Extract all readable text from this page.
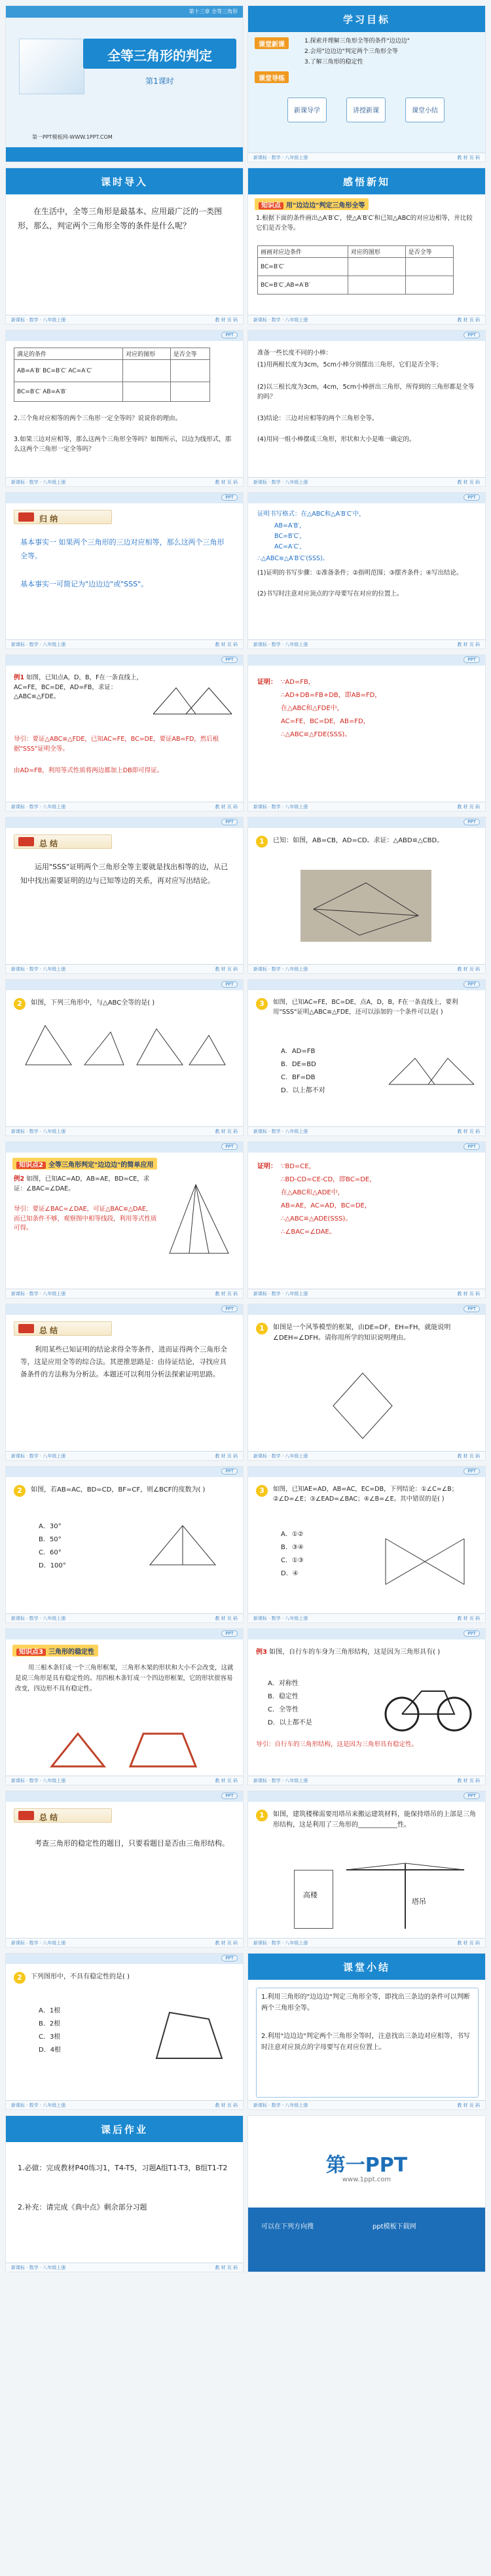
第十三章 全等三角形
全等三角形的判定
第1课时
第一PPT模板网-WWW.1PPT.COM
学习目标
课堂新课	1.探索并理解三角形全等的条件"边边边"
2.会用"边边边"判定两个三角形全等
3.了解三角形的稳定性
课堂导练
新课导学	讲授新课	课堂小结
新课标 · 数学 · 八年级上册	教 材 页 码
课时导入
在生活中，全等三角形是最基本、应用最广泛的一类图形，那么，判定两个三角形全等的条件是什么呢？
新课标 · 数学 · 八年级上册	教 材 页 码
感悟新知
知识点 用"边边边"判定三角形全等
1.根据下面的条件画出△A′B′C′，使△A′B′C′和已知△ABC的对应边相等，并比较它们是否全等。
画画对应边条件	对应的图形	是否全等
BC=B′C′		
BC=B′C′,AB=A′B′		
新课标 · 数学 · 八年级上册	教 材 页 码
PPT
满足的条件	对应的图形	是否全等
AB=A′B′ BC=B′C′ AC=A′C′		
BC=B′C′ AB=A′B′		
2.三个角对应相等的两个三角形一定全等吗？说说你的理由。
3.如果三边对应相等，那么这两个三角形全等吗？如图所示，以边为线形式，那么这两个三角形一定全等吗？
新课标 · 数学 · 八年级上册	教 材 页 码
PPT
准备一些长度不同的小棒：
(1)用两根长度为3cm，5cm小棒分别摆出三角形，它们是否全等；
(2)以三根长度为3cm，4cm，5cm小棒拼出三角形，所得到的三角形都是全等的吗？
(3)结论：三边对应相等的两个三角形全等。
(4)用同一组小棒摆成三角形，形状和大小是唯一确定的。
新课标 · 数学 · 八年级上册	教 材 页 码
PPT
归 纳
基本事实一 如果两个三角形的三边对应相等，那么这两个三角形全等。
基本事实一可简记为"边边边"或"SSS"。
新课标 · 数学 · 八年级上册	教 材 页 码
PPT
证明书写格式：在△ABC和△A′B′C′中，
AB=A′B′，
BC=B′C′，
AC=A′C′，
∴△ABC≌△A′B′C′(SSS)。
(1)证明的书写步骤：①准备条件；②指明范围；③摆齐条件；④写出结论。
(2)书写时注意对应顶点的字母要写在对应的位置上。
新课标 · 数学 · 八年级上册	教 材 页 码
PPT
例1 如图，已知点A，D，B，F在一条直线上，AC=FE，BC=DE，AD=FB，求证：△ABC≌△FDE。
导引：要证△ABC≌△FDE，已知AC=FE，BC=DE，要证AB=FD，然后根据"SSS"证明全等。
由AD=FB，利用等式性质将两边都加上DB即可得证。
新课标 · 数学 · 八年级上册	教 材 页 码
PPT
证明： ∵AD=FB，
∴AD+DB=FB+DB，即AB=FD，
在△ABC和△FDE中，
AC=FE，BC=DE，AB=FD，
∴△ABC≌△FDE(SSS)。
新课标 · 数学 · 八年级上册	教 材 页 码
PPT
总 结
运用"SSS"证明两个三角形全等主要就是找出相等的边，从已知中找出需要证明的边与已知等边的关系，再对应写出结论。
新课标 · 数学 · 八年级上册	教 材 页 码
PPT
1	已知：如图，AB=CB，AD=CD。求证：△ABD≌△CBD。
新课标 · 数学 · 八年级上册	教 材 页 码
PPT
2	如图，下列三角形中，与△ABC全等的是( )
新课标 · 数学 · 八年级上册	教 材 页 码
PPT
3	如图，已知AC=FE，BC=DE，点A，D，B，F在一条直线上，要利用"SSS"证明△ABC≌△FDE，还可以添加的一个条件可以是( )
A．AD=FB
B．DE=BD
C．BF=DB
D．以上都不对
新课标 · 数学 · 八年级上册	教 材 页 码
PPT
知识点2 全等三角形判定"边边边"的简单应用
例2 如图，已知AC=AD，AB=AE，BD=CE，求证：∠BAC=∠DAE。
导引：要证∠BAC=∠DAE，可证△BAC≌△DAE，而已知条件不够，观察图中相等线段，利用等式性质可得。
新课标 · 数学 · 八年级上册	教 材 页 码
PPT
证明： ∵BD=CE，
∴BD-CD=CE-CD，即BC=DE，
在△ABC和△ADE中，
AB=AE，AC=AD，BC=DE，
∴△ABC≌△ADE(SSS)。
∴∠BAC=∠DAE。
新课标 · 数学 · 八年级上册	教 材 页 码
PPT
总 结
利用某些已知证明的结论求得全等条件，进而证得两个三角形全等，这是应用全等的综合法。其逆推思路是：由待证结论，寻找应具备条件的方法称为分析法。本题还可以利用分析法探索证明思路。
新课标 · 数学 · 八年级上册	教 材 页 码
PPT
1	如图是一个风筝模型的框架，由DE=DF，EH=FH，就能说明∠DEH=∠DFH。请你用所学的知识说明理由。
新课标 · 数学 · 八年级上册	教 材 页 码
PPT
2	如图，若AB=AC，BD=CD，BF=CF，则∠BCF的度数为( )
A．30°
B．50°
C．60°
D．100°
新课标 · 数学 · 八年级上册	教 材 页 码
PPT
3	如图，已知AE=AD，AB=AC，EC=DB，下列结论：①∠C=∠B；②∠D=∠E；③∠EAD=∠BAC；④∠B=∠E。其中错误的是( )
A．①②
B．③④
C．①③
D．④
新课标 · 数学 · 八年级上册	教 材 页 码
PPT
知识点3 三角形的稳定性
用三根木条钉成一个三角形框架，三角形木架的形状和大小不会改变，这就是说三角形是具有稳定性的。用四根木条钉成一个四边形框架，它的形状很容易改变，四边形不具有稳定性。
新课标 · 数学 · 八年级上册	教 材 页 码
PPT
例3 如图，自行车的车身为三角形结构，这是因为三角形具有( )
A．对称性
B．稳定性
C．全等性
D．以上都不是
导引：自行车的三角形结构，这是因为三角形具有稳定性。
新课标 · 数学 · 八年级上册	教 材 页 码
PPT
总 结
考查三角形的稳定性的题目，只要看题目是否由三角形结构。
新课标 · 数学 · 八年级上册	教 材 页 码
PPT
1	如图，建筑楼梯需要用塔吊来搬运建筑材料，能保持塔吊的上部是三角形结构，这是利用了三角形的____________性。
高楼
塔吊
新课标 · 数学 · 八年级上册	教 材 页 码
PPT
2	下列图形中，不具有稳定性的是( )
A．1根
B．2根
C．3根
D．4根
新课标 · 数学 · 八年级上册	教 材 页 码
课堂小结
1.利用三角形的"边边边"判定三角形全等，即找出三条边的条件可以判断两个三角形全等。
2.利用"边边边"判定两个三角形全等时，注意找出三条边对应相等，书写时注意对应顶点的字母要写在对应位置上。
新课标 · 数学 · 八年级上册	教 材 页 码
课后作业
1.必做：完成教材P40练习1，T4-T5，习题A组T1-T3，B组T1-T2
2.补充：请完成《典中点》剩余部分习题
新课标 · 数学 · 八年级上册	教 材 页 码
第一PPT
www.1ppt.com
可以在下列方向搜	ppt模板下载网
